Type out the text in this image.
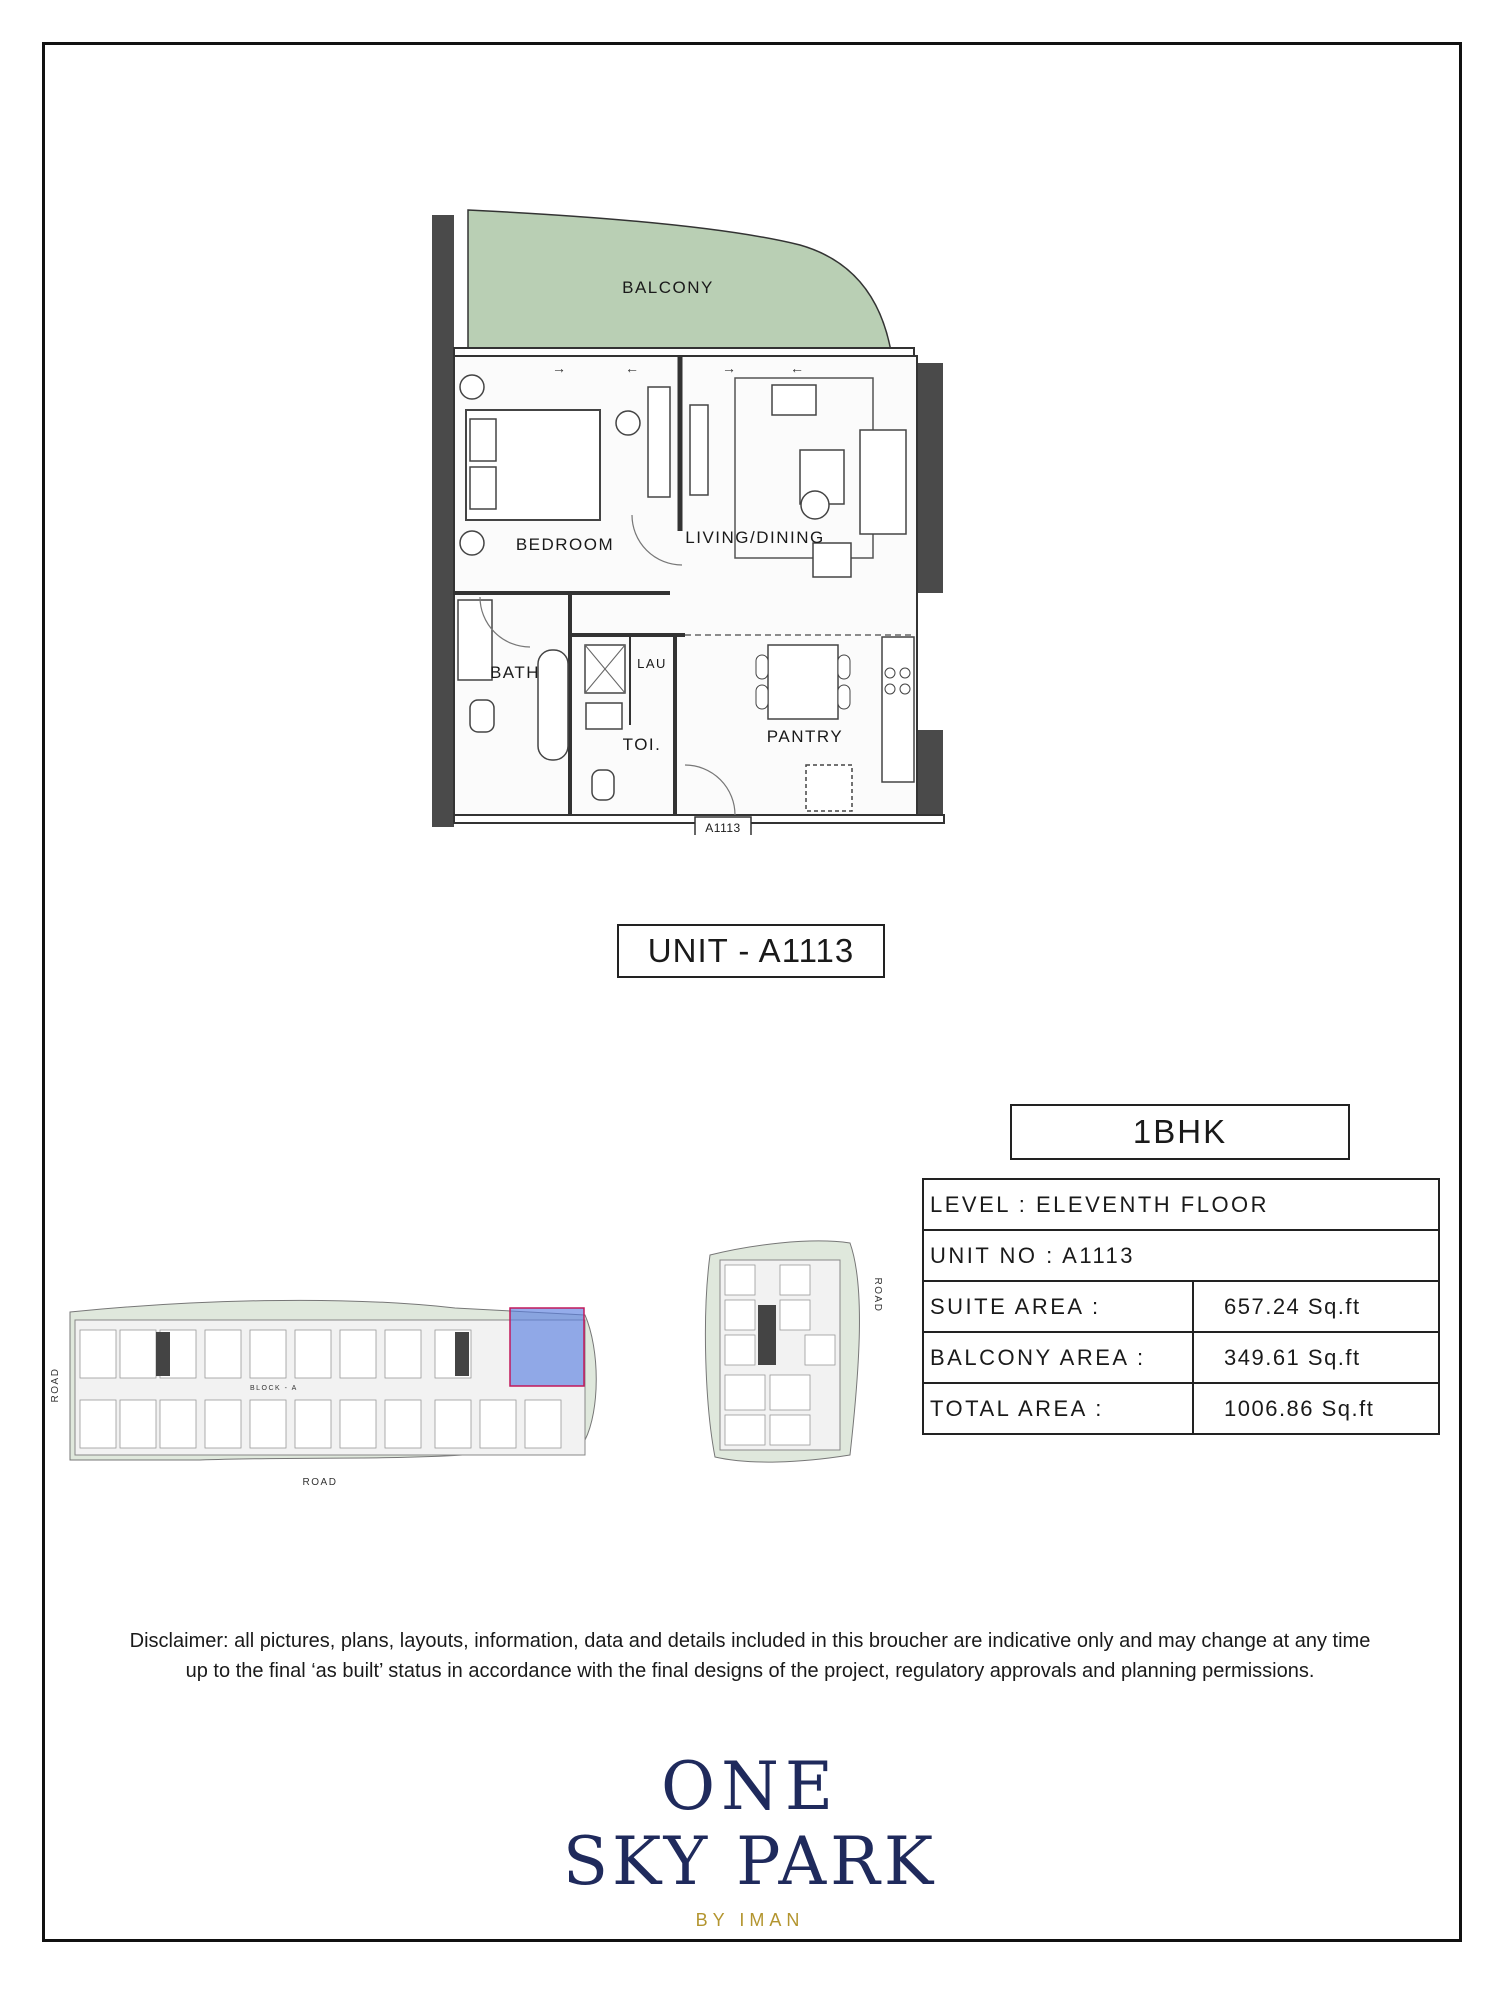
→	←	→	←
BALCONY
BEDROOM	LIVING/DINING
BATH	LAU
TOI.	PANTRY
A1113
UNIT - A1113
1BHK
LEVEL : ELEVENTH FLOOR	
UNIT NO : A1113	
SUITE AREA :	657.24 Sq.ft
BALCONY AREA :	349.61 Sq.ft
TOTAL AREA :	1006.86 Sq.ft
BLOCK - A
ROAD
ROAD
ROAD
Disclaimer: all pictures, plans, layouts, information, data and details included in this broucher are indicative only and may change at any time up to the final ‘as built’ status in accordance with the final designs of the project, regulatory approvals and planning permissions.
ONE
SKY PARK
BY IMAN
